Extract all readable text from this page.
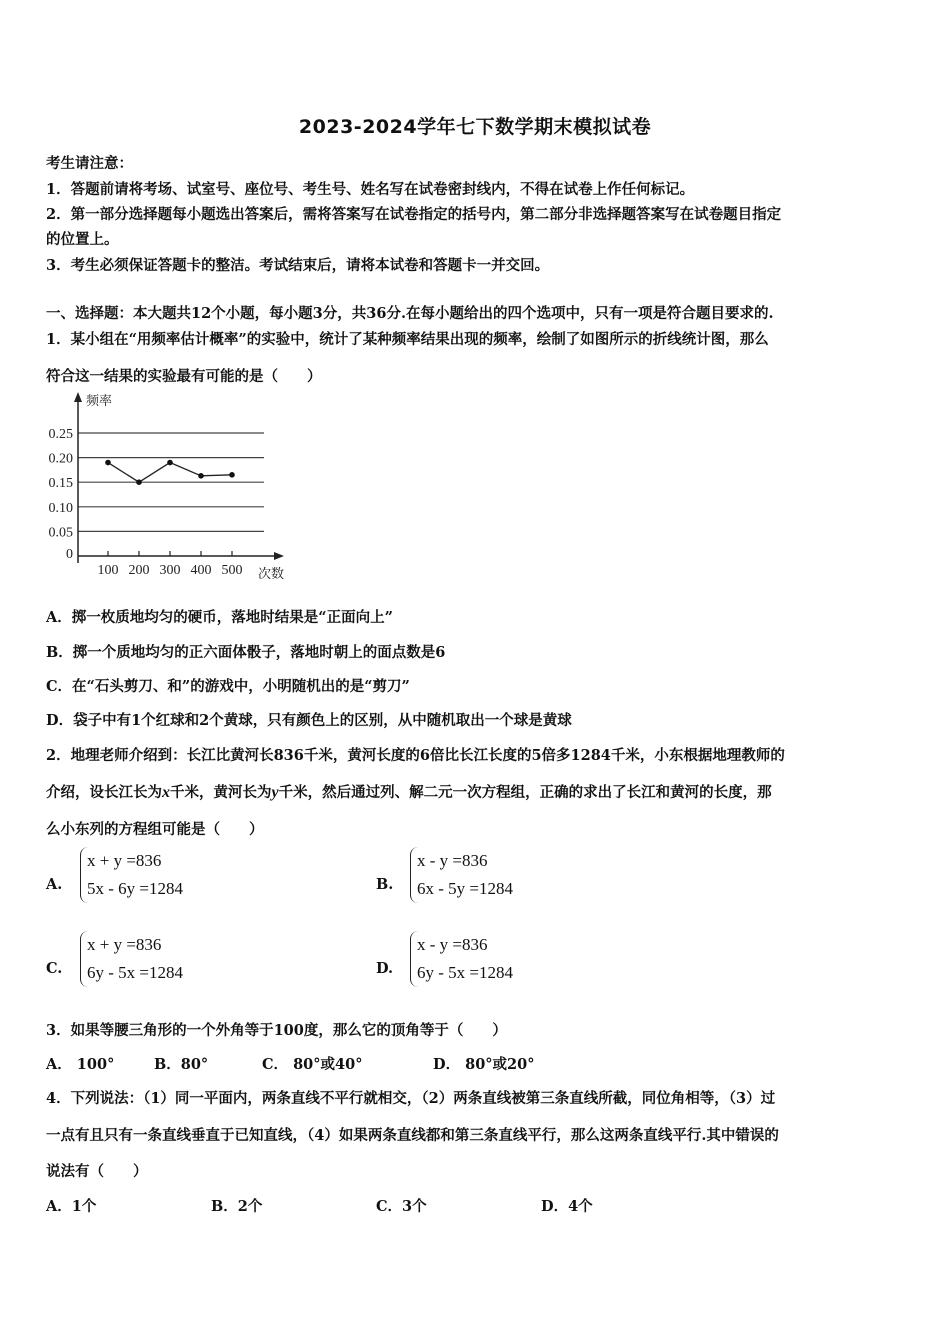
2023-2024学年七下数学期末模拟试卷
考生请注意：
1．答题前请将考场、试室号、座位号、考生号、姓名写在试卷密封线内，不得在试卷上作任何标记。
2．第一部分选择题每小题选出答案后，需将答案写在试卷指定的括号内，第二部分非选择题答案写在试卷题目指定
的位置上。
3．考生必须保证答题卡的整洁。考试结束后，请将本试卷和答题卡一并交回。
一、选择题：本大题共12个小题，每小题3分，共36分.在每小题给出的四个选项中，只有一项是符合题目要求的.
1．某小组在“用频率估计概率”的实验中，统计了某种频率结果出现的频率，绘制了如图所示的折线统计图，那么
符合这一结果的实验最有可能的是（　　）
频率
次数
0.25
0.20
0.15
0.10
0.05
0
100 200 300 400 500
A．掷一枚质地均匀的硬币，落地时结果是“正面向上”
B．掷一个质地均匀的正六面体骰子，落地时朝上的面点数是6
C．在“石头剪刀、和”的游戏中，小明随机出的是“剪刀”
D．袋子中有1个红球和2个黄球，只有颜色上的区别，从中随机取出一个球是黄球
2．地理老师介绍到：长江比黄河长836千米，黄河长度的6倍比长江长度的5倍多1284千米，小东根据地理教师的
介绍，设长江长为x千米，黄河长为y千米，然后通过列、解二元一次方程组，正确的求出了长江和黄河的长度，那
么小东列的方程组可能是（　　）
A.
x + y =836
5x - 6y =1284	B.
x - y =836
6x - 5y =1284
C.
x + y =836
6y - 5x =1284	D.
x - y =836
6y - 5x =1284
3．如果等腰三角形的一个外角等于100度，那么它的顶角等于（　　）
A． 100°	B．80°	C． 80°或40°	D． 80°或20°
4．下列说法：（1）同一平面内，两条直线不平行就相交，（2）两条直线被第三条直线所截，同位角相等，（3）过
一点有且只有一条直线垂直于已知直线，（4）如果两条直线都和第三条直线平行，那么这两条直线平行.其中错误的
说法有（　　）
A．1个	B．2个	C．3个	D．4个
